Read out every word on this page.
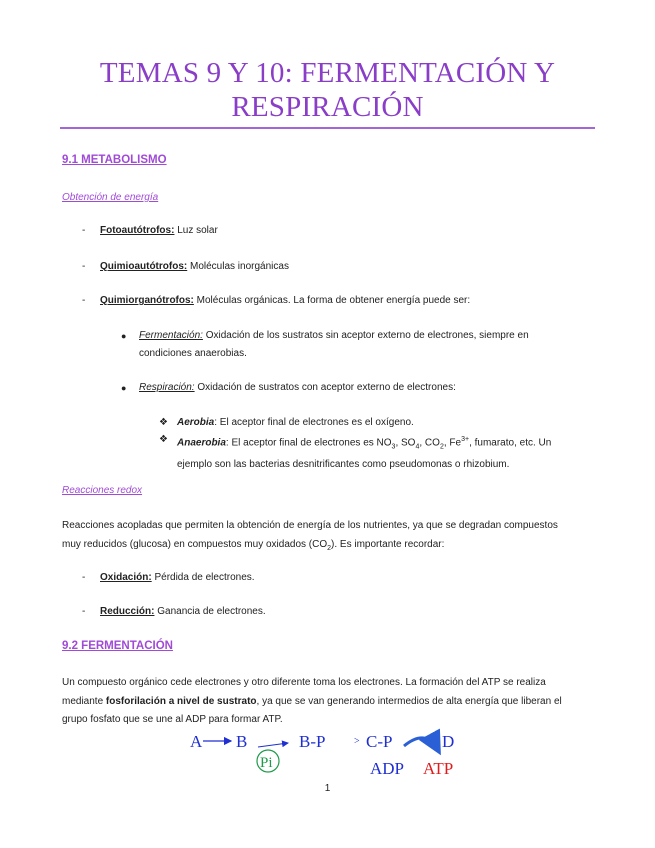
TEMAS 9 Y 10: FERMENTACIÓN Y
RESPIRACIÓN
9.1 METABOLISMO
Obtención de energía
- Fotoautótrofos: Luz solar
- Quimioautótrofos: Moléculas inorgánicas
- Quimiorganótrofos: Moléculas orgánicas. La forma de obtener energía puede ser:
● Fermentación: Oxidación de los sustratos sin aceptor externo de electrones, siempre en
condiciones anaerobias.
● Respiración: Oxidación de sustratos con aceptor externo de electrones:
❖ Aerobia: El aceptor final de electrones es el oxígeno.
❖ Anaerobia: El aceptor final de electrones es $NO_3$, $SO_4$, $CO_2$, $Fe^{3+}$, fumarato, etc. Un
ejemplo son las bacterias desnitrificantes como pseudomonas o rhizobium.
Reacciones redox
Reacciones acopladas que permiten la obtención de energía de los nutrientes, ya que se degradan compuestos
muy reducidos (glucosa) en compuestos muy oxidados $(CO_2)$. Es importante recordar:
- Oxidación: Pérdida de electrones.
- Reducción: Ganancia de electrones.
9.2 FERMENTACIÓN
Un compuesto orgánico cede electrones y otro diferente toma los electrones. La formación del ATP se realiza
mediante fosforilación a nivel de sustrato, ya que se van generando intermedios de alta energía que liberan el
grupo fosfato que se une al ADP para formar ATP.
A B
Pi
B-P	> C-P	D
ADP ATP
1
